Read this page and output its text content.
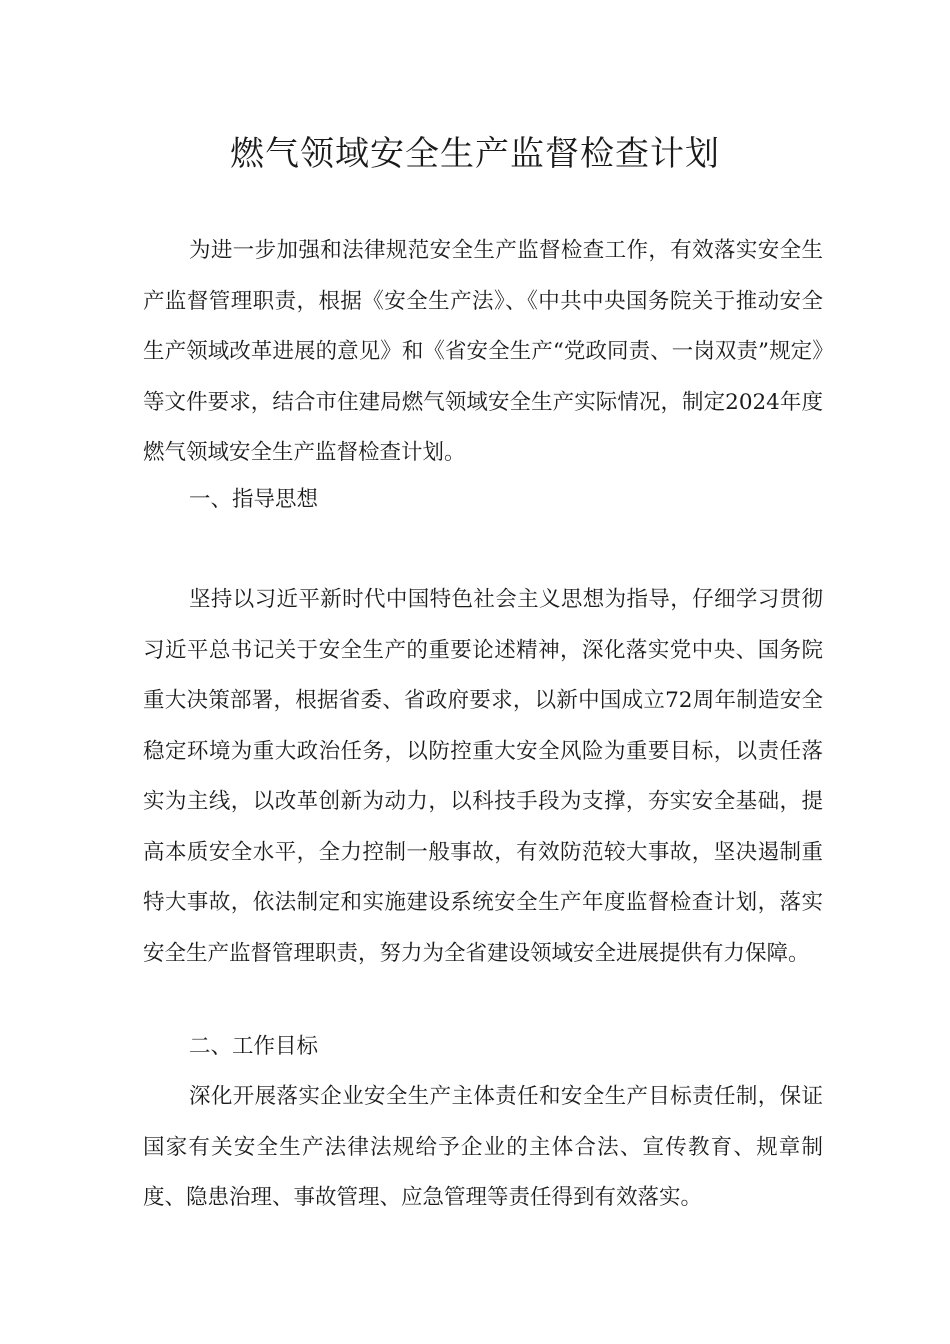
燃气领域安全生产监督检查计划

为进一步加强和法律规范安全生产监督检查工作，有效落实安全生产监督管理职责，根据《安全生产法》、《中共中央国务院关于推动安全生产领域改革进展的意见》和《省安全生产“党政同责、一岗双责”规定》等文件要求，结合市住建局燃气领域安全生产实际情况，制定2024年度燃气领域安全生产监督检查计划。

一、指导思想

坚持以习近平新时代中国特色社会主义思想为指导，仔细学习贯彻习近平总书记关于安全生产的重要论述精神，深化落实党中央、国务院重大决策部署，根据省委、省政府要求，以新中国成立72周年制造安全稳定环境为重大政治任务，以防控重大安全风险为重要目标，以责任落实为主线，以改革创新为动力，以科技手段为支撑，夯实安全基础，提高本质安全水平，全力控制一般事故，有效防范较大事故，坚决遏制重特大事故，依法制定和实施建设系统安全生产年度监督检查计划，落实安全生产监督管理职责，努力为全省建设领域安全进展提供有力保障。

二、工作目标

深化开展落实企业安全生产主体责任和安全生产目标责任制，保证国家有关安全生产法律法规给予企业的主体合法、宣传教育、规章制度、隐患治理、事故管理、应急管理等责任得到有效落实。
